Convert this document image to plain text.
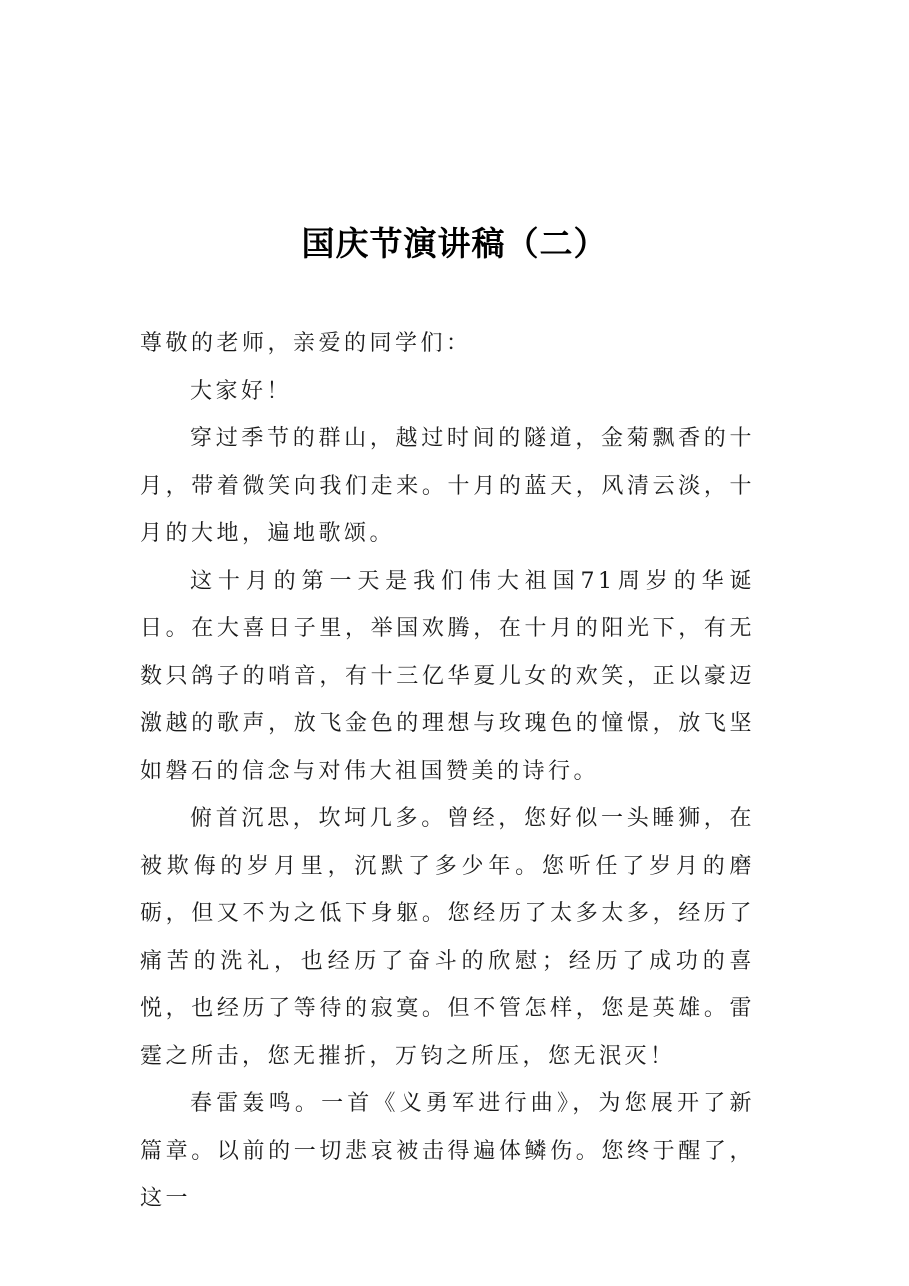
国庆节演讲稿（二）

尊敬的老师，亲爱的同学们：

大家好！

穿过季节的群山，越过时间的隧道，金菊飘香的十月，带着微笑向我们走来。十月的蓝天，风清云淡，十月的大地，遍地歌颂。

这十月的第一天是我们伟大祖国71周岁的华诞日。在大喜日子里，举国欢腾，在十月的阳光下，有无数只鸽子的哨音，有十三亿华夏儿女的欢笑，正以豪迈激越的歌声，放飞金色的理想与玫瑰色的憧憬，放飞坚如磐石的信念与对伟大祖国赞美的诗行。

俯首沉思，坎坷几多。曾经，您好似一头睡狮，在被欺侮的岁月里，沉默了多少年。您听任了岁月的磨砺，但又不为之低下身躯。您经历了太多太多，经历了痛苦的洗礼，也经历了奋斗的欣慰；经历了成功的喜悦，也经历了等待的寂寞。但不管怎样，您是英雄。雷霆之所击，您无摧折，万钧之所压，您无泯灭！

春雷轰鸣。一首《义勇军进行曲》，为您展开了新篇章。以前的一切悲哀被击得遍体鳞伤。您终于醒了，这一
